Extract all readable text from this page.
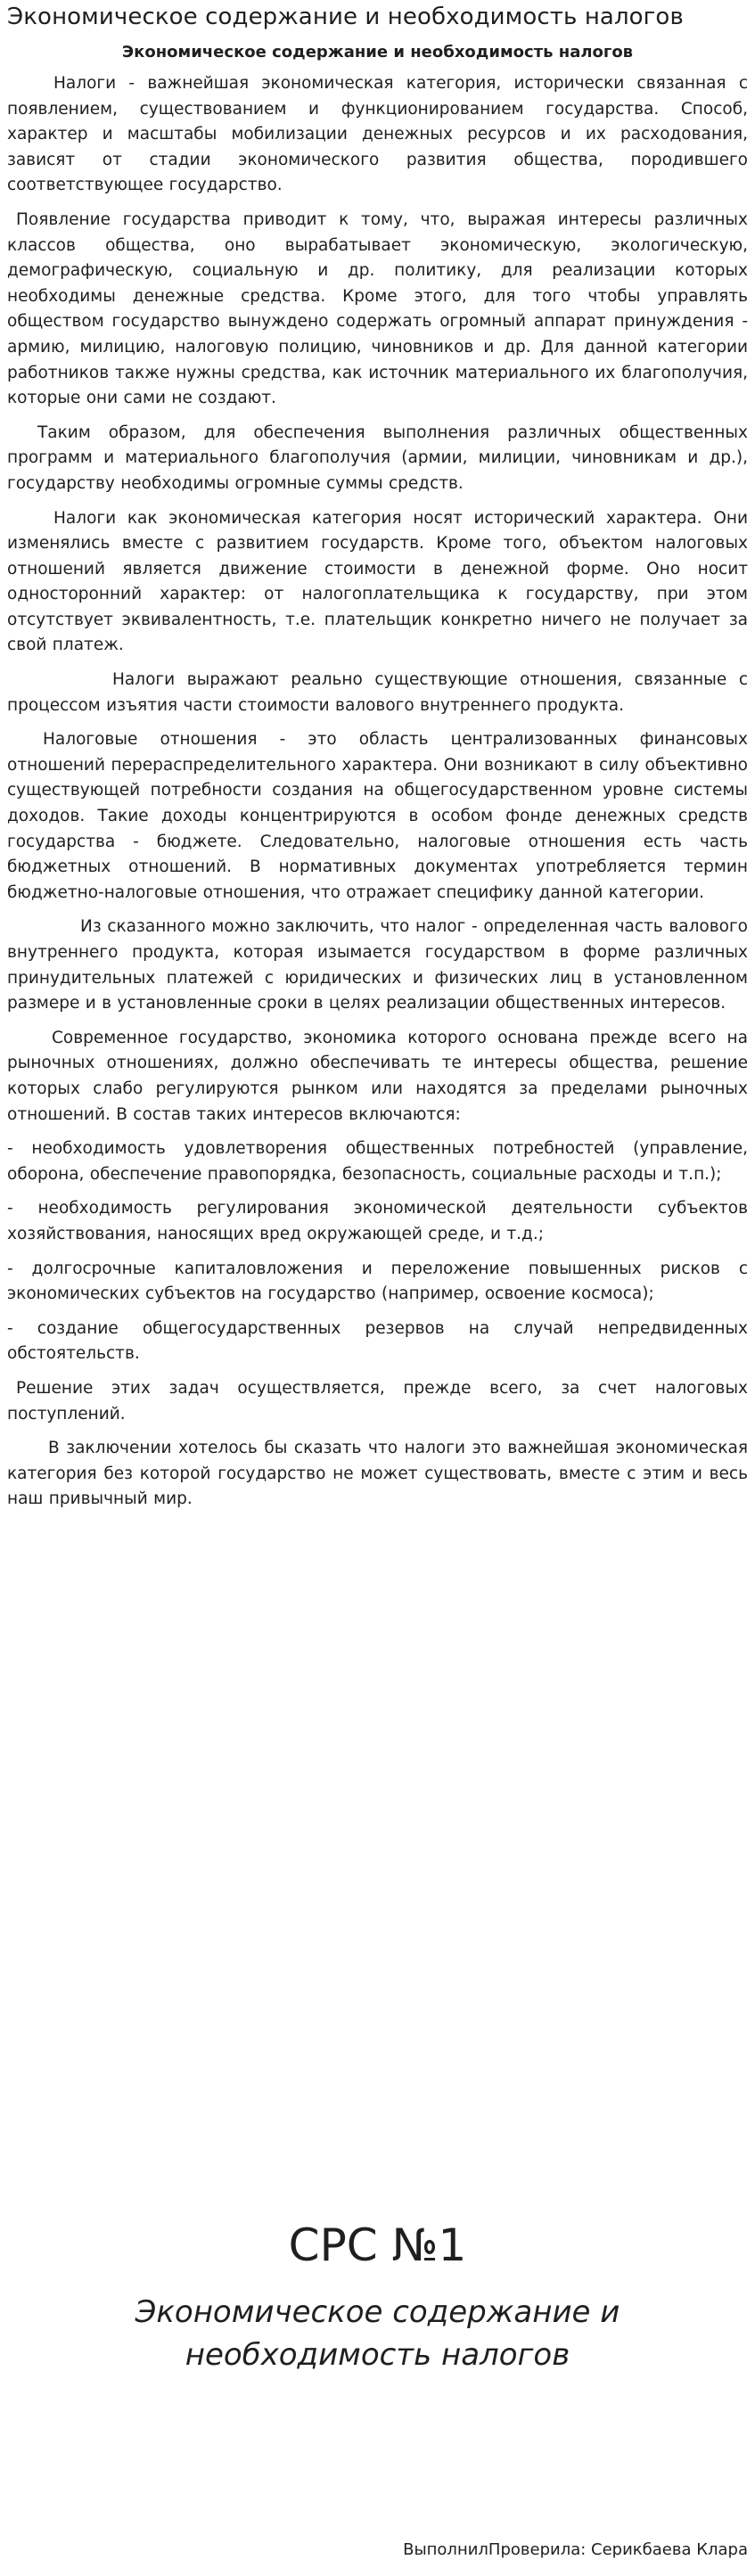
Экономическое содержание и необходимость налогов
Экономическое содержание и необходимость налогов

Налоги - важнейшая экономическая категория, исторически связанная с появлением, существованием и функционированием государства. Способ, характер и масштабы мобилизации денежных ресурсов и их расходования, зависят от стадии экономического развития общества, породившего соответствующее государство.

Появление государства приводит к тому, что, выражая интересы различных классов общества, оно вырабатывает экономическую, экологическую, демографическую, социальную и др. политику, для реализации которых необходимы денежные средства. Кроме этого, для того чтобы управлять обществом государство вынуждено содержать огромный аппарат принуждения - армию, милицию, налоговую полицию, чиновников и др. Для данной категории работников также нужны средства, как источник материального их благополучия, которые они сами не создают.

Таким образом, для обеспечения выполнения различных общественных программ и материального благополучия (армии, милиции, чиновникам и др.), государству необходимы огромные суммы средств.

Налоги как экономическая категория носят исторический характера. Они изменялись вместе с развитием государств. Кроме того, объектом налоговых отношений является движение стоимости в денежной форме. Оно носит односторонний характер: от налогоплательщика к государству, при этом отсутствует эквивалентность, т.е. плательщик конкретно ничего не получает за свой платеж.

Налоги выражают реально существующие отношения, связанные с процессом изъятия части стоимости валового внутреннего продукта.

Налоговые отношения - это область централизованных финансовых отношений перераспределительного характера. Они возникают в силу объективно существующей потребности создания на общегосударственном уровне системы доходов. Такие доходы концентрируются в особом фонде денежных средств государства - бюджете. Следовательно, налоговые отношения есть часть бюджетных отношений. В нормативных документах употребляется термин бюджетно-налоговые отношения, что отражает специфику данной категории.

Из сказанного можно заключить, что налог - определенная часть валового внутреннего продукта, которая изымается государством в форме различных принудительных платежей с юридических и физических лиц в установленном размере и в установленные сроки в целях реализации общественных интересов.

Современное государство, экономика которого основана прежде всего на рыночных отношениях, должно обеспечивать те интересы общества, решение которых слабо регулируются рынком или находятся за пределами рыночных отношений. В состав таких интересов включаются:

- необходимость удовлетворения общественных потребностей (управление, оборона, обеспечение правопорядка, безопасность, социальные расходы и т.п.);

- необходимость регулирования экономической деятельности субъектов хозяйствования, наносящих вред окружающей среде, и т.д.;

- долгосрочные капиталовложения и переложение повышенных рисков с экономических субъектов на государство (например, освоение космоса);

- создание общегосударственных резервов на случай непредвиденных обстоятельств.

Решение этих задач осуществляется, прежде всего, за счет налоговых поступлений.

В заключении хотелось бы сказать что налоги это важнейшая экономическая категория без которой государство не может существовать, вместе с этим и весь наш привычный мир.

СРС №1
Экономическое содержание и необходимость налогов
ВыполнилПроверила: Серикбаева Клара
